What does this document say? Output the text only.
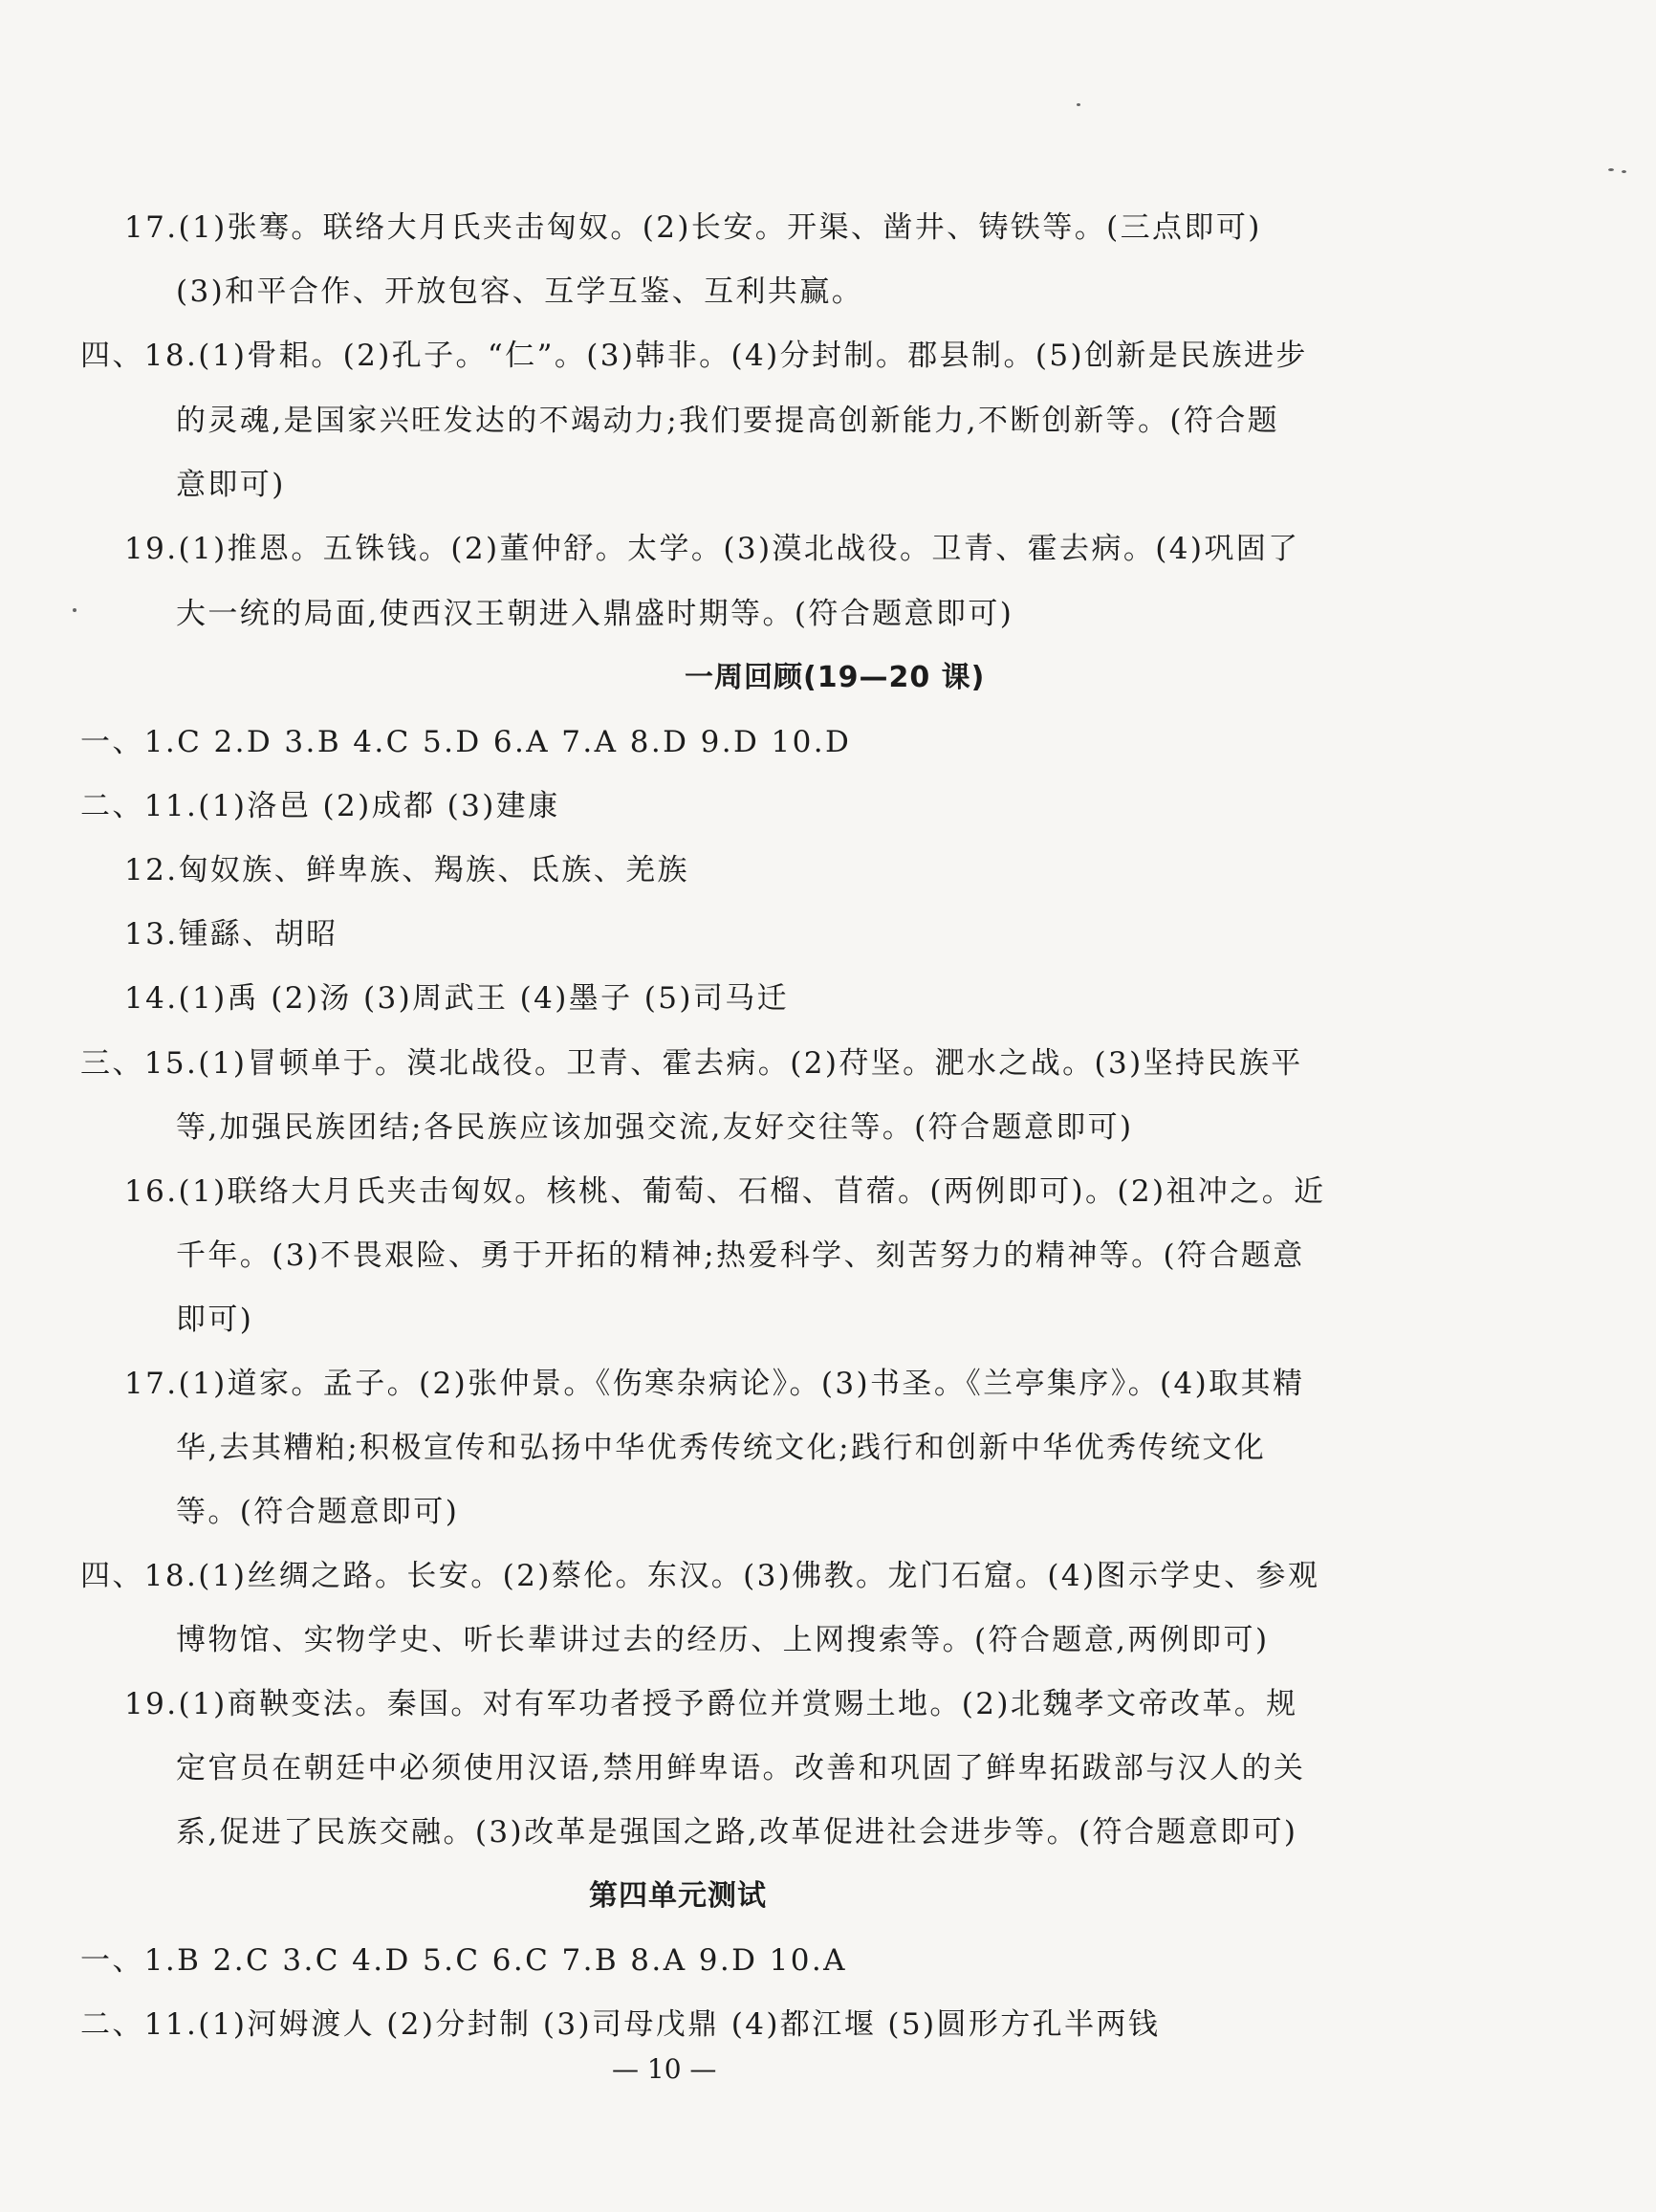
17.(1)张骞。联络大月氏夹击匈奴。(2)长安。开渠、凿井、铸铁等。(三点即可)
(3)和平合作、开放包容、互学互鉴、互利共赢。
四、18.(1)骨耜。(2)孔子。“仁”。(3)韩非。(4)分封制。郡县制。(5)创新是民族进步
的灵魂,是国家兴旺发达的不竭动力;我们要提高创新能力,不断创新等。(符合题
意即可)
19.(1)推恩。五铢钱。(2)董仲舒。太学。(3)漠北战役。卫青、霍去病。(4)巩固了
大一统的局面,使西汉王朝进入鼎盛时期等。(符合题意即可)
一周回顾(19—20 课)
一、1.C 2.D 3.B 4.C 5.D 6.A 7.A 8.D 9.D 10.D
二、11.(1)洛邑 (2)成都 (3)建康
12.匈奴族、鲜卑族、羯族、氐族、羌族
13.锺繇、胡昭
14.(1)禹 (2)汤 (3)周武王 (4)墨子 (5)司马迁
三、15.(1)冒顿单于。漠北战役。卫青、霍去病。(2)苻坚。淝水之战。(3)坚持民族平
等,加强民族团结;各民族应该加强交流,友好交往等。(符合题意即可)
16.(1)联络大月氏夹击匈奴。核桃、葡萄、石榴、苜蓿。(两例即可)。(2)祖冲之。近
千年。(3)不畏艰险、勇于开拓的精神;热爱科学、刻苦努力的精神等。(符合题意
即可)
17.(1)道家。孟子。(2)张仲景。《伤寒杂病论》。(3)书圣。《兰亭集序》。(4)取其精
华,去其糟粕;积极宣传和弘扬中华优秀传统文化;践行和创新中华优秀传统文化
等。(符合题意即可)
四、18.(1)丝绸之路。长安。(2)蔡伦。东汉。(3)佛教。龙门石窟。(4)图示学史、参观
博物馆、实物学史、听长辈讲过去的经历、上网搜索等。(符合题意,两例即可)
19.(1)商鞅变法。秦国。对有军功者授予爵位并赏赐土地。(2)北魏孝文帝改革。规
定官员在朝廷中必须使用汉语,禁用鲜卑语。改善和巩固了鲜卑拓跋部与汉人的关
系,促进了民族交融。(3)改革是强国之路,改革促进社会进步等。(符合题意即可)
第四单元测试
一、1.B 2.C 3.C 4.D 5.C 6.C 7.B 8.A 9.D 10.A
二、11.(1)河姆渡人 (2)分封制 (3)司母戊鼎 (4)都江堰 (5)圆形方孔半两钱
— 10 —
